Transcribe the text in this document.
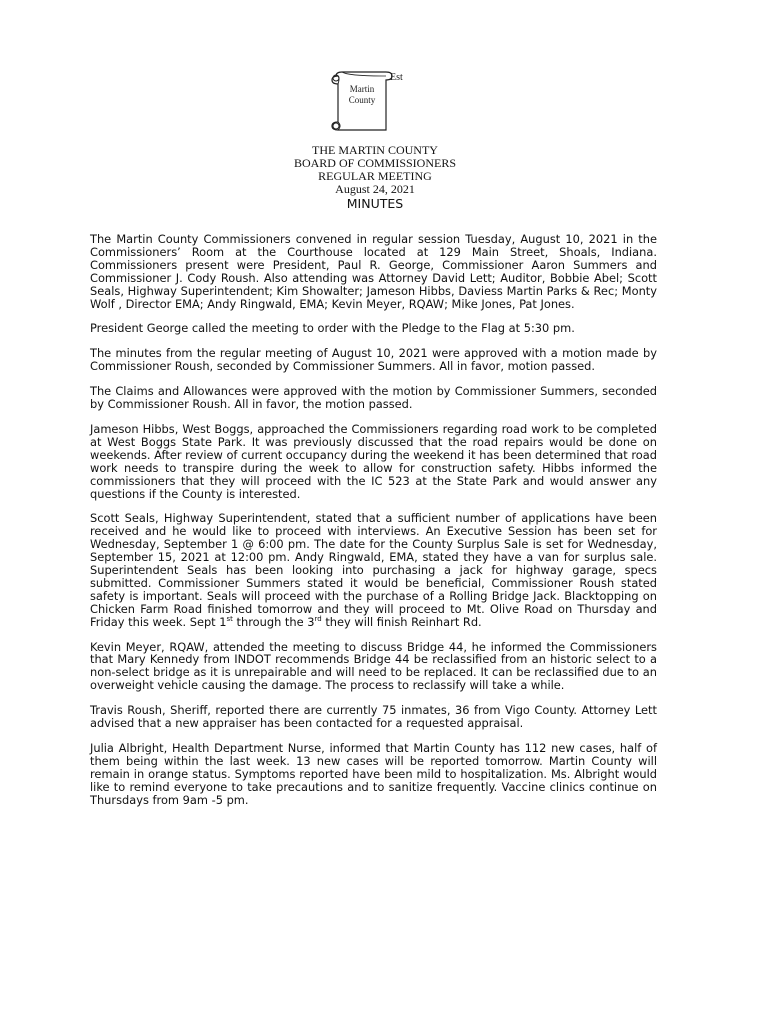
Martin
County
Est
THE MARTIN COUNTY
BOARD OF COMMISSIONERS
REGULAR MEETING
August 24, 2021
MINUTES

The Martin County Commissioners convened in regular session Tuesday, August 10, 2021 in the Commissioners’ Room at the Courthouse located at 129 Main Street, Shoals, Indiana. Commissioners present were President, Paul R. George, Commissioner Aaron Summers and Commissioner J. Cody Roush. Also attending was Attorney David Lett; Auditor, Bobbie Abel; Scott Seals, Highway Superintendent; Kim Showalter; Jameson Hibbs, Daviess Martin Parks & Rec; Monty Wolf , Director EMA; Andy Ringwald, EMA; Kevin Meyer, RQAW; Mike Jones, Pat Jones.

President George called the meeting to order with the Pledge to the Flag at 5:30 pm.

The minutes from the regular meeting of August 10, 2021 were approved with a motion made by Commissioner Roush, seconded by Commissioner Summers. All in favor, motion passed.

The Claims and Allowances were approved with the motion by Commissioner Summers, seconded by Commissioner Roush. All in favor, the motion passed.

Jameson Hibbs, West Boggs, approached the Commissioners regarding road work to be completed at West Boggs State Park. It was previously discussed that the road repairs would be done on weekends. After review of current occupancy during the weekend it has been determined that road work needs to transpire during the week to allow for construction safety. Hibbs informed the commissioners that they will proceed with the IC 523 at the State Park and would answer any questions if the County is interested.

Scott Seals, Highway Superintendent, stated that a sufficient number of applications have been received and he would like to proceed with interviews. An Executive Session has been set for Wednesday, September 1 @ 6:00 pm. The date for the County Surplus Sale is set for Wednesday, September 15, 2021 at 12:00 pm. Andy Ringwald, EMA, stated they have a van for surplus sale. Superintendent Seals has been looking into purchasing a jack for highway garage, specs submitted. Commissioner Summers stated it would be beneficial, Commissioner Roush stated safety is important. Seals will proceed with the purchase of a Rolling Bridge Jack. Blacktopping on Chicken Farm Road finished tomorrow and they will proceed to Mt. Olive Road on Thursday and Friday this week. Sept 1st through the 3rd they will finish Reinhart Rd.

Kevin Meyer, RQAW, attended the meeting to discuss Bridge 44, he informed the Commissioners that Mary Kennedy from INDOT recommends Bridge 44 be reclassified from an historic select to a non-select bridge as it is unrepairable and will need to be replaced. It can be reclassified due to an overweight vehicle causing the damage. The process to reclassify will take a while.

Travis Roush, Sheriff, reported there are currently 75 inmates, 36 from Vigo County. Attorney Lett advised that a new appraiser has been contacted for a requested appraisal.

Julia Albright, Health Department Nurse, informed that Martin County has 112 new cases, half of them being within the last week. 13 new cases will be reported tomorrow. Martin County will remain in orange status. Symptoms reported have been mild to hospitalization. Ms. Albright would like to remind everyone to take precautions and to sanitize frequently. Vaccine clinics continue on Thursdays from 9am -5 pm.
